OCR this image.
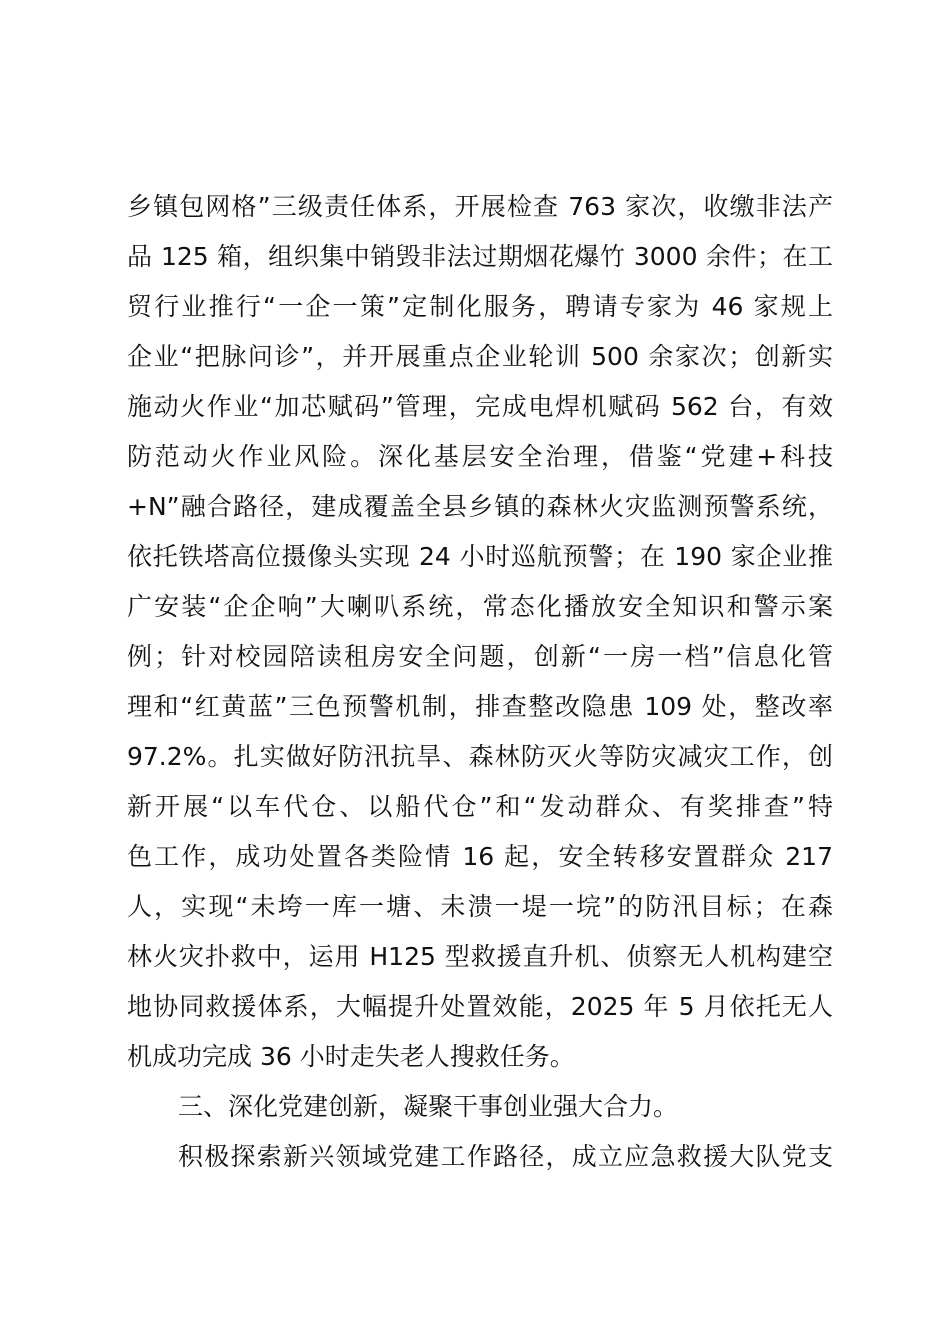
乡镇包网格”三级责任体系，开展检查 763 家次，收缴非法产
品 125 箱，组织集中销毁非法过期烟花爆竹 3000 余件；在工
贸行业推行“一企一策”定制化服务，聘请专家为 46 家规上
企业“把脉问诊”，并开展重点企业轮训 500 余家次；创新实
施动火作业“加芯赋码”管理，完成电焊机赋码 562 台，有效
防范动火作业风险。深化基层安全治理，借鉴“党建+科技
+N”融合路径，建成覆盖全县乡镇的森林火灾监测预警系统，
依托铁塔高位摄像头实现 24 小时巡航预警；在 190 家企业推
广安装“企企响”大喇叭系统，常态化播放安全知识和警示案
例；针对校园陪读租房安全问题，创新“一房一档”信息化管
理和“红黄蓝”三色预警机制，排查整改隐患 109 处，整改率
97.2%。扎实做好防汛抗旱、森林防灭火等防灾减灾工作，创
新开展“以车代仓、以船代仓”和“发动群众、有奖排查”特
色工作，成功处置各类险情 16 起，安全转移安置群众 217
人，实现“未垮一库一塘、未溃一堤一垸”的防汛目标；在森
林火灾扑救中，运用 H125 型救援直升机、侦察无人机构建空
地协同救援体系，大幅提升处置效能，2025 年 5 月依托无人
机成功完成 36 小时走失老人搜救任务。
三、深化党建创新，凝聚干事创业强大合力。
积极探索新兴领域党建工作路径，成立应急救援大队党支
